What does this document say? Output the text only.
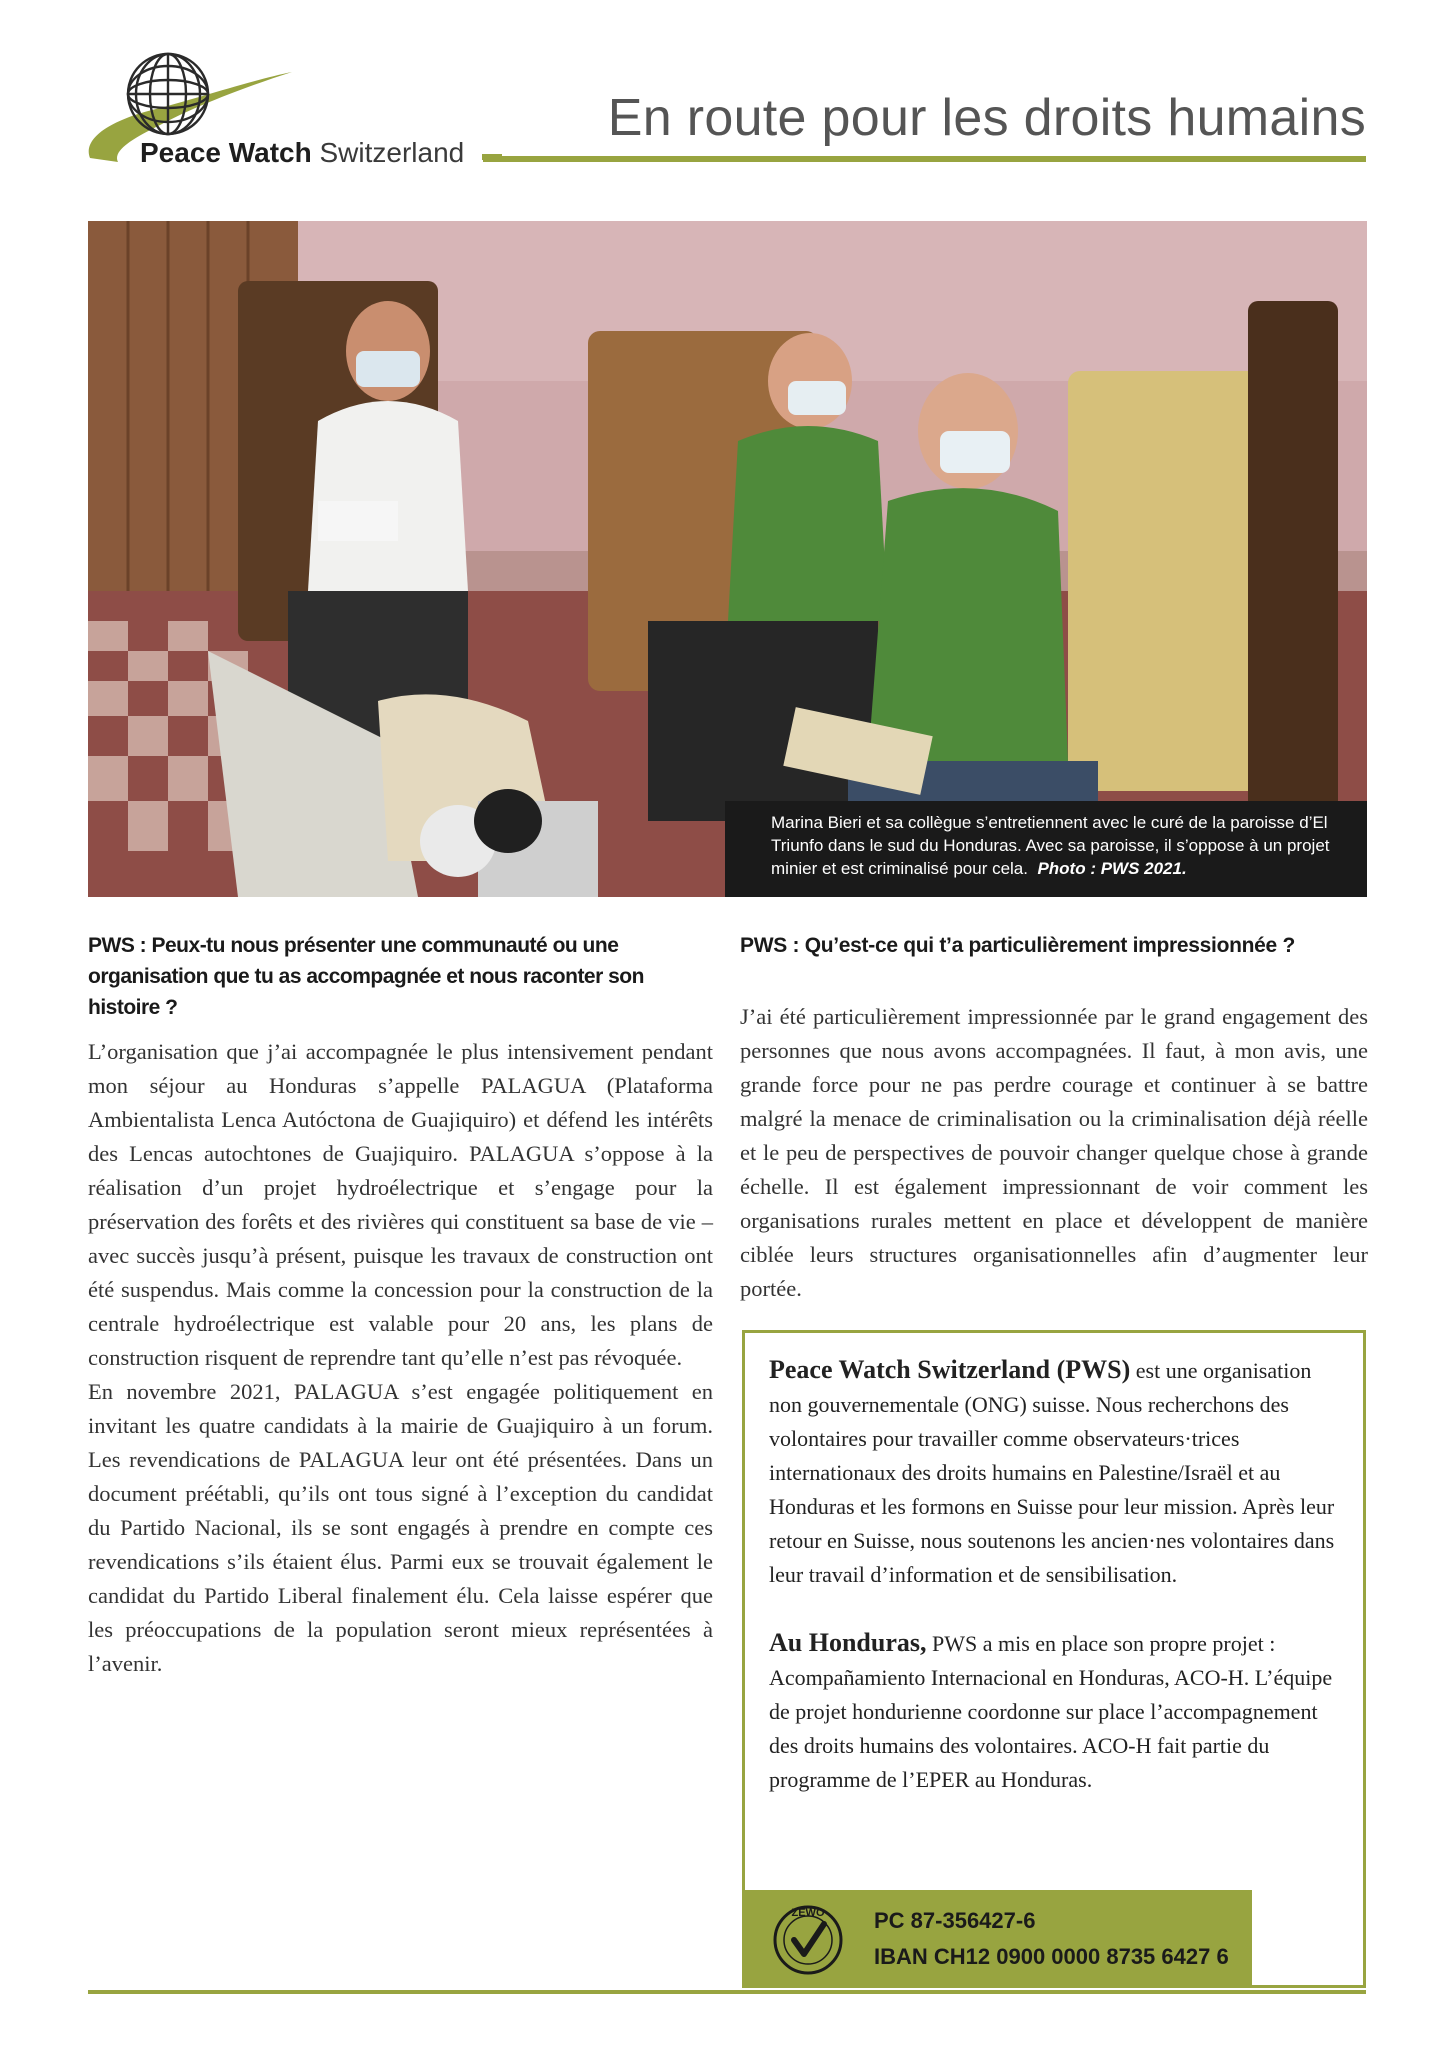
Peace Watch Switzerland
En route pour les droits humains
Marina Bieri et sa collègue s’entretiennent avec le curé de la paroisse d’El Triunfo dans le sud du Honduras. Avec sa paroisse, il s’oppose à un projet minier et est criminalisé pour cela. Photo : PWS 2021.
PWS : Peux-tu nous présenter une communauté ou une organisation que tu as accompagnée et nous raconter son histoire ?

L’organisation que j’ai accompagnée le plus intensivement pendant mon séjour au Honduras s’appelle PALAGUA (Plataforma Ambientalista Lenca Autóctona de Guajiquiro) et défend les intérêts des Lencas autochtones de Guajiquiro. PALAGUA s’oppose à la réalisation d’un projet hydroélectrique et s’engage pour la préservation des forêts et des rivières qui constituent sa base de vie – avec succès jusqu’à présent, puisque les travaux de construction ont été suspendus. Mais comme la concession pour la construction de la centrale hydroélectrique est valable pour 20 ans, les plans de construction risquent de reprendre tant qu’elle n’est pas révoquée.

En novembre 2021, PALAGUA s’est engagée politiquement en invitant les quatre candidats à la mairie de Guajiquiro à un forum. Les revendications de PALAGUA leur ont été présentées. Dans un document préétabli, qu’ils ont tous signé à l’exception du candidat du Partido Nacional, ils se sont engagés à prendre en compte ces revendications s’ils étaient élus. Parmi eux se trouvait également le candidat du Partido Liberal finalement élu. Cela laisse espérer que les préoccupations de la population seront mieux représentées à l’avenir.

PWS : Qu’est-ce qui t’a particulièrement impressionnée ?

J’ai été particulièrement impressionnée par le grand engagement des personnes que nous avons accompagnées. Il faut, à mon avis, une grande force pour ne pas perdre courage et continuer à se battre malgré la menace de criminalisation ou la criminalisation déjà réelle et le peu de perspectives de pouvoir changer quelque chose à grande échelle. Il est également impressionnant de voir comment les organisations rurales mettent en place et développent de manière ciblée leurs structures organisationnelles afin d’augmenter leur portée.

Peace Watch Switzerland (PWS) est une organisation non gouvernementale (ONG) suisse. Nous recherchons des volontaires pour travailler comme observateurs·trices internationaux des droits humains en Palestine/Israël et au Honduras et les formons en Suisse pour leur mission. Après leur retour en Suisse, nous soutenons les ancien·nes volontaires dans leur travail d’information et de sensibilisation.

Au Honduras, PWS a mis en place son propre projet : Acompañamiento Internacional en Honduras, ACO-H. L’équipe de projet hondurienne coordonne sur place l’accompagnement des droits humains des volontaires. ACO-H fait partie du programme de l’EPER au Honduras.

ZEWO PC 87-356427-6
IBAN CH12 0900 0000 8735 6427 6
